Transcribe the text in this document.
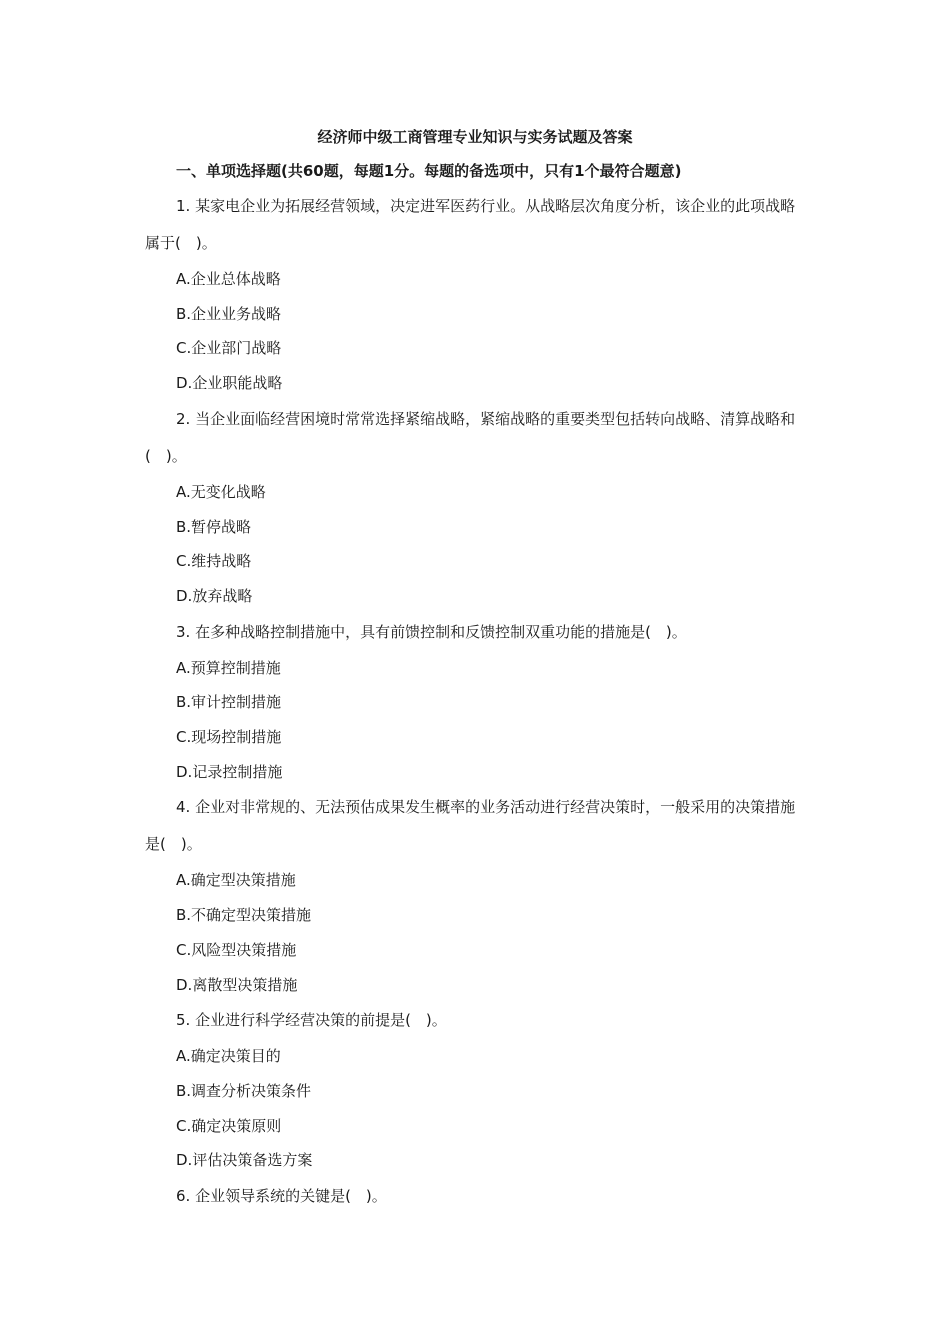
经济师中级工商管理专业知识与实务试题及答案

一、单项选择题(共60题，每题1分。每题的备选项中，只有1个最符合题意)

1. 某家电企业为拓展经营领域，决定进军医药行业。从战略层次角度分析，该企业的此项战略属于(　)。

A.企业总体战略

B.企业业务战略

C.企业部门战略

D.企业职能战略

2. 当企业面临经营困境时常常选择紧缩战略，紧缩战略的重要类型包括转向战略、清算战略和(　)。

A.无变化战略

B.暂停战略

C.维持战略

D.放弃战略

3. 在多种战略控制措施中，具有前馈控制和反馈控制双重功能的措施是(　)。

A.预算控制措施

B.审计控制措施

C.现场控制措施

D.记录控制措施

4. 企业对非常规的、无法预估成果发生概率的业务活动进行经营决策时，一般采用的决策措施是(　)。

A.确定型决策措施

B.不确定型决策措施

C.风险型决策措施

D.离散型决策措施

5. 企业进行科学经营决策的前提是(　)。

A.确定决策目的

B.调查分析决策条件

C.确定决策原则

D.评估决策备选方案

6. 企业领导系统的关键是(　)。
